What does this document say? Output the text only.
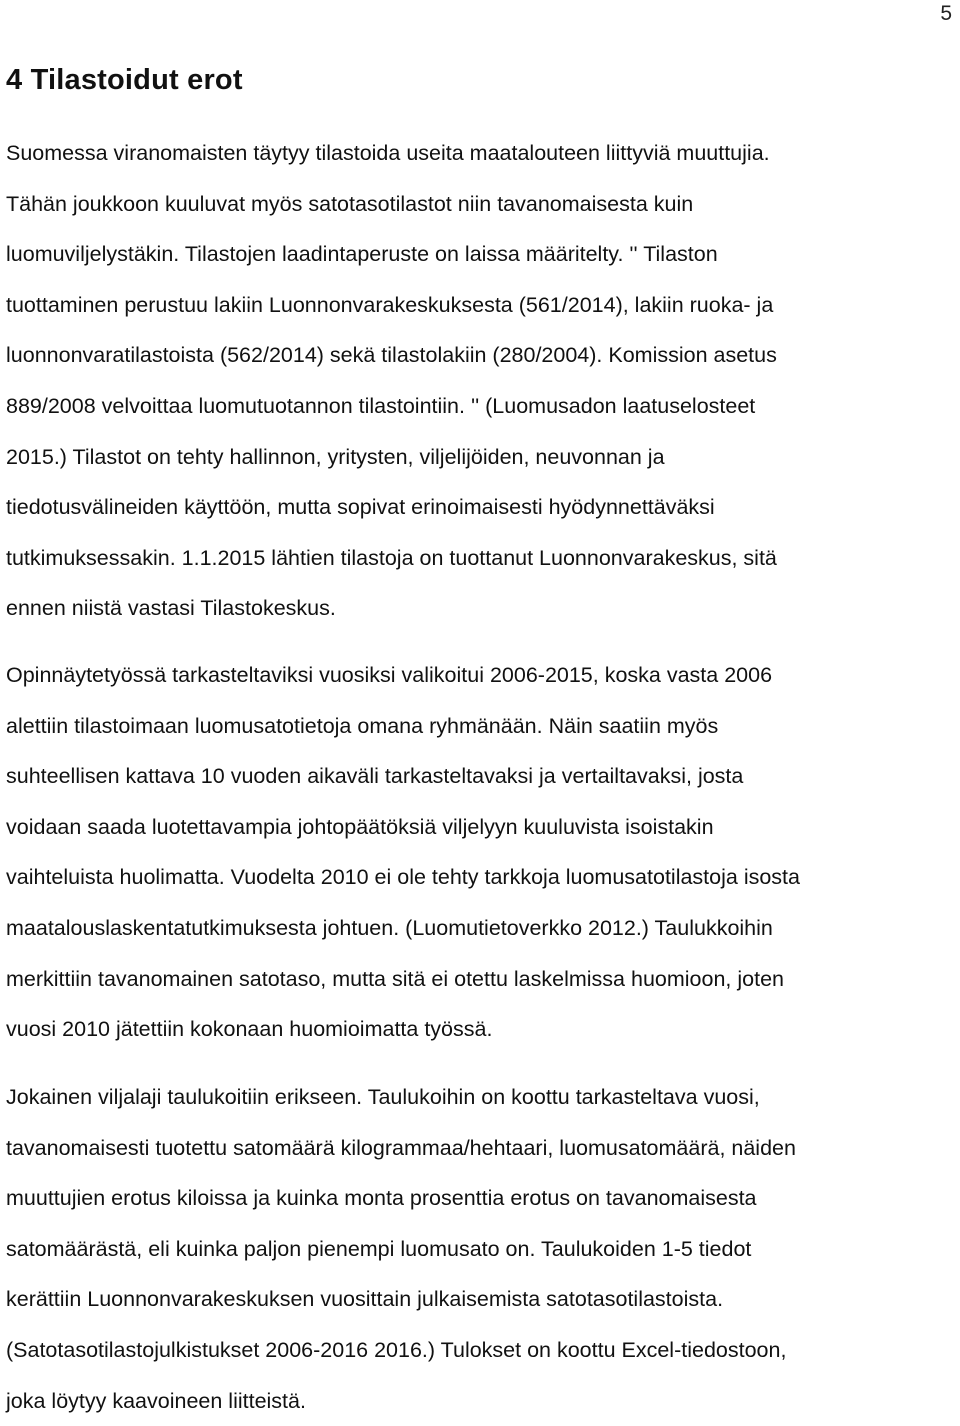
5
4 Tilastoidut erot
Suomessa viranomaisten täytyy tilastoida useita maatalouteen liittyviä muuttujia.
Tähän joukkoon kuuluvat myös satotasotilastot niin tavanomaisesta kuin
luomuviljelystäkin. Tilastojen laadintaperuste on laissa määritelty. '' Tilaston
tuottaminen perustuu lakiin Luonnonvarakeskuksesta (561/2014), lakiin ruoka- ja
luonnonvaratilastoista (562/2014) sekä tilastolakiin (280/2004). Komission asetus
889/2008 velvoittaa luomutuotannon tilastointiin. '' (Luomusadon laatuselosteet
2015.) Tilastot on tehty hallinnon, yritysten, viljelijöiden, neuvonnan ja
tiedotusvälineiden käyttöön, mutta sopivat erinoimaisesti hyödynnettäväksi
tutkimuksessakin. 1.1.2015 lähtien tilastoja on tuottanut Luonnonvarakeskus, sitä
ennen niistä vastasi Tilastokeskus.
Opinnäytetyössä tarkasteltaviksi vuosiksi valikoitui 2006-2015, koska vasta 2006
alettiin tilastoimaan luomusatotietoja omana ryhmänään. Näin saatiin myös
suhteellisen kattava 10 vuoden aikaväli tarkasteltavaksi ja vertailtavaksi, josta
voidaan saada luotettavampia johtopäätöksiä viljelyyn kuuluvista isoistakin
vaihteluista huolimatta. Vuodelta 2010 ei ole tehty tarkkoja luomusatotilastoja isosta
maatalouslaskentatutkimuksesta johtuen. (Luomutietoverkko 2012.) Taulukkoihin
merkittiin tavanomainen satotaso, mutta sitä ei otettu laskelmissa huomioon, joten
vuosi 2010 jätettiin kokonaan huomioimatta työssä.
Jokainen viljalaji taulukoitiin erikseen. Taulukoihin on koottu tarkasteltava vuosi,
tavanomaisesti tuotettu satomäärä kilogrammaa/hehtaari, luomusatomäärä, näiden
muuttujien erotus kiloissa ja kuinka monta prosenttia erotus on tavanomaisesta
satomäärästä, eli kuinka paljon pienempi luomusato on. Taulukoiden 1-5 tiedot
kerättiin Luonnonvarakeskuksen vuosittain julkaisemista satotasotilastoista.
(Satotasotilastojulkistukset 2006-2016 2016.) Tulokset on koottu Excel-tiedostoon,
joka löytyy kaavoineen liitteistä.
